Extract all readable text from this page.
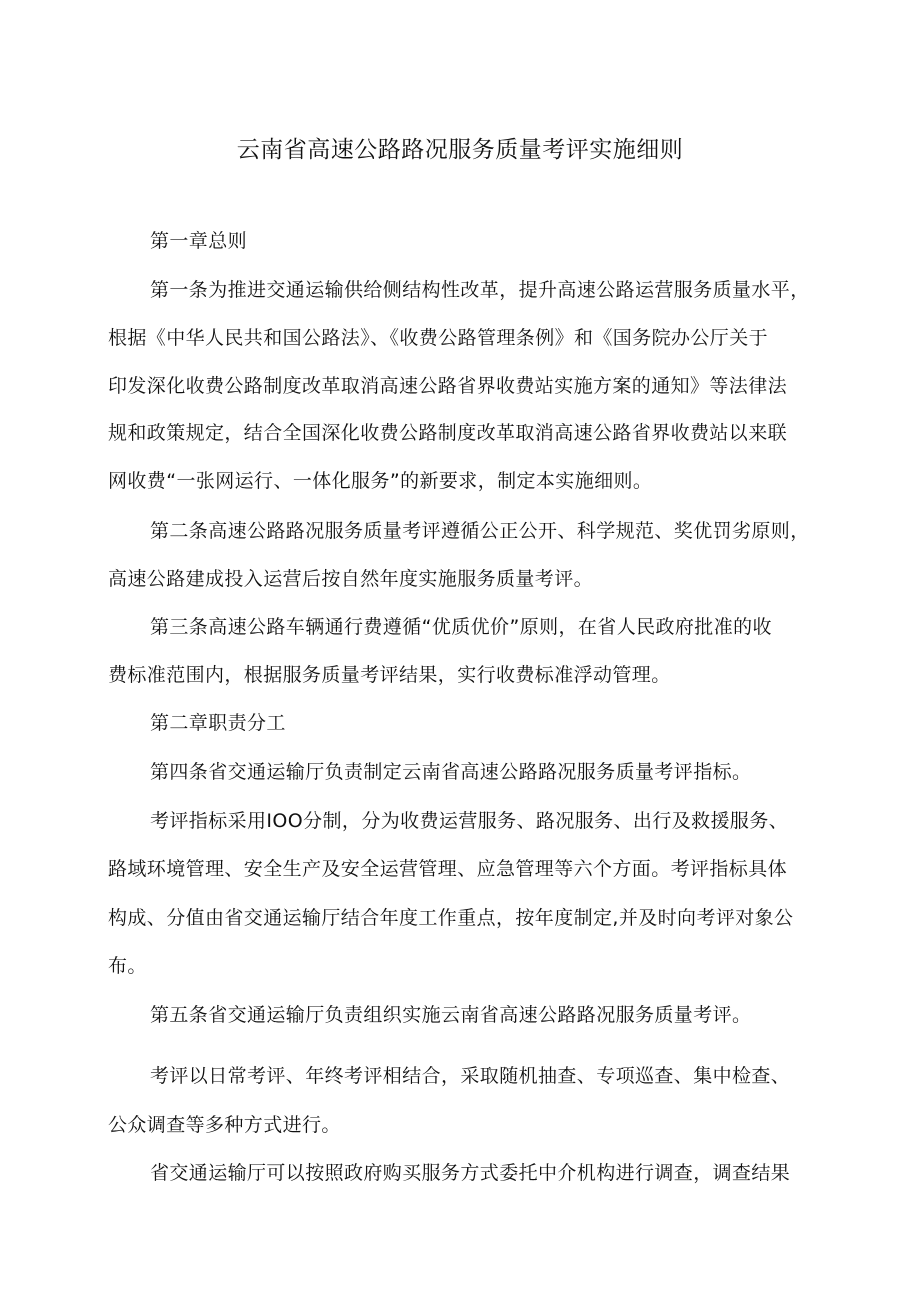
云南省高速公路路况服务质量考评实施细则
第一章总则
第一条为推进交通运输供给侧结构性改革，提升高速公路运营服务质量水平，
根据《中华人民共和国公路法》、《收费公路管理条例》和《国务院办公厅关于
印发深化收费公路制度改革取消高速公路省界收费站实施方案的通知》等法律法
规和政策规定，结合全国深化收费公路制度改革取消高速公路省界收费站以来联
网收费“一张网运行、一体化服务”的新要求，制定本实施细则。
第二条高速公路路况服务质量考评遵循公正公开、科学规范、奖优罚劣原则，
高速公路建成投入运营后按自然年度实施服务质量考评。
第三条高速公路车辆通行费遵循“优质优价”原则，在省人民政府批准的收
费标准范围内，根据服务质量考评结果，实行收费标准浮动管理。
第二章职责分工
第四条省交通运输厅负责制定云南省高速公路路况服务质量考评指标。
考评指标采用IOO分制，分为收费运营服务、路况服务、出行及救援服务、
路域环境管理、安全生产及安全运营管理、应急管理等六个方面。考评指标具体
构成、分值由省交通运输厅结合年度工作重点，按年度制定,并及时向考评对象公
布。
第五条省交通运输厅负责组织实施云南省高速公路路况服务质量考评。
考评以日常考评、年终考评相结合，采取随机抽查、专项巡查、集中检查、
公众调查等多种方式进行。
省交通运输厅可以按照政府购买服务方式委托中介机构进行调查，调查结果
